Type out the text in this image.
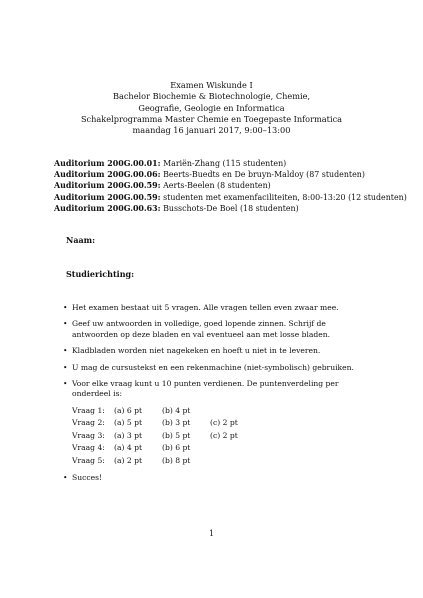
Examen Wiskunde I
Bachelor Biochemie & Biotechnologie, Chemie,
Geografie, Geologie en Informatica
Schakelprogramma Master Chemie en Toegepaste Informatica
maandag 16 januari 2017, 9:00–13:00
Auditorium 200G.00.01: Mariën-Zhang (115 studenten)
Auditorium 200G.00.06: Beerts-Buedts en De bruyn-Maldoy (87 studenten)
Auditorium 200G.00.59: Aerts-Beelen (8 studenten)
Auditorium 200G.00.59: studenten met examenfaciliteiten, 8:00-13:20 (12 studenten)
Auditorium 200G.00.63: Busschots-De Boel (18 studenten)
Naam:
Studierichting:
• Het examen bestaat uit 5 vragen. Alle vragen tellen even zwaar mee.
• Geef uw antwoorden in volledige, goed lopende zinnen. Schrijf de antwoorden op deze bladen en val eventueel aan met losse bladen.
• Kladbladen worden niet nagekeken en hoeft u niet in te leveren.
• U mag de cursustekst en een rekenmachine (niet-symbolisch) gebruiken.
• Voor elke vraag kunt u 10 punten verdienen. De puntenverdeling per onderdeel is:
Vraag 1:	(a) 6 pt	(b) 4 pt
Vraag 2:	(a) 5 pt	(b) 3 pt	(c) 2 pt
Vraag 3:	(a) 3 pt	(b) 5 pt	(c) 2 pt
Vraag 4:	(a) 4 pt	(b) 6 pt
Vraag 5:	(a) 2 pt	(b) 8 pt
• Succes!
1
